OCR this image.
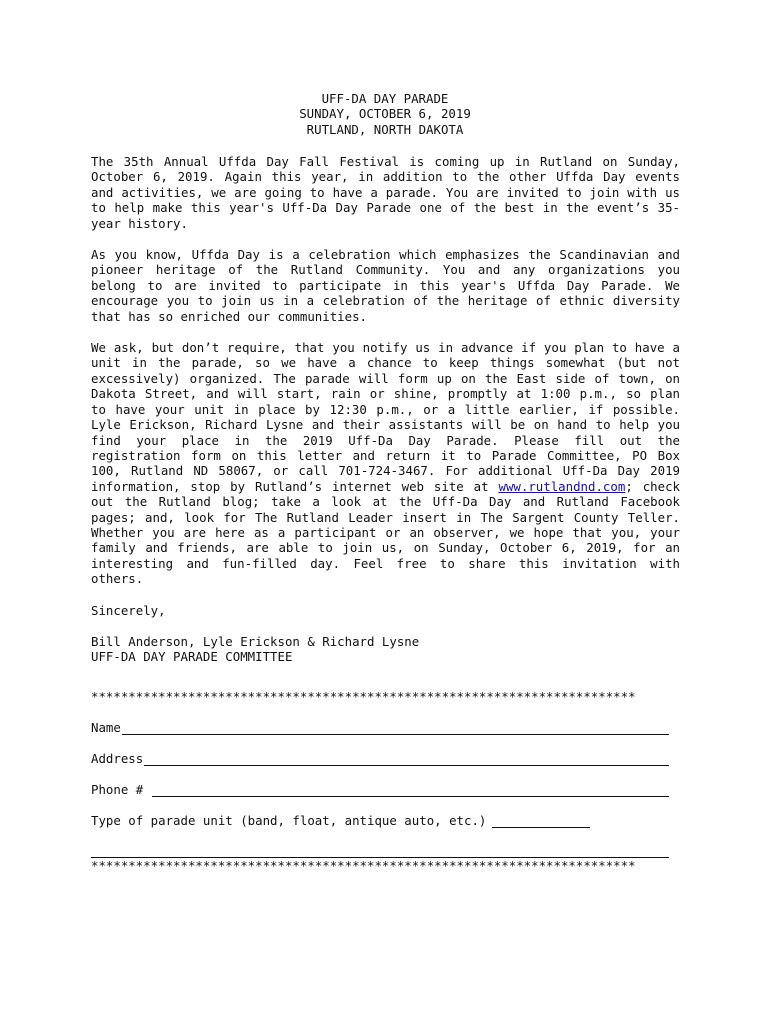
UFF-DA DAY PARADE
SUNDAY, OCTOBER 6, 2019
RUTLAND, NORTH DAKOTA

The 35th Annual Uffda Day Fall Festival is coming up in Rutland on Sunday, October 6, 2019. Again this year, in addition to the other Uffda Day events and activities, we are going to have a parade. You are invited to join with us to help make this year's Uff-Da Day Parade one of the best in the event’s 35-year history.

As you know, Uffda Day is a celebration which emphasizes the Scandinavian and pioneer heritage of the Rutland Community. You and any organizations you belong to are invited to participate in this year's Uffda Day Parade. We encourage you to join us in a celebration of the heritage of ethnic diversity that has so enriched our communities.

We ask, but don’t require, that you notify us in advance if you plan to have a unit in the parade, so we have a chance to keep things somewhat (but not excessively) organized. The parade will form up on the East side of town, on Dakota Street, and will start, rain or shine, promptly at 1:00 p.m., so plan to have your unit in place by 12:30 p.m., or a little earlier, if possible. Lyle Erickson, Richard Lysne and their assistants will be on hand to help you find your place in the 2019 Uff-Da Day Parade. Please fill out the registration form on this letter and return it to Parade Committee, PO Box 100, Rutland ND 58067, or call 701-724-3467. For additional Uff-Da Day 2019 information, stop by Rutland’s internet web site at www.rutlandnd.com; check out the Rutland blog; take a look at the Uff-Da Day and Rutland Facebook pages; and, look for The Rutland Leader insert in The Sargent County Teller. Whether you are here as a participant or an observer, we hope that you, your family and friends, are able to join us, on Sunday, October 6, 2019, for an interesting and fun-filled day. Feel free to share this invitation with others.

Sincerely,

Bill Anderson, Lyle Erickson & Richard Lysne
UFF-DA DAY PARADE COMMITTEE
*************************************************************************
Name
Address
Phone #
Type of parade unit (band, float, antique auto, etc.)
*************************************************************************
